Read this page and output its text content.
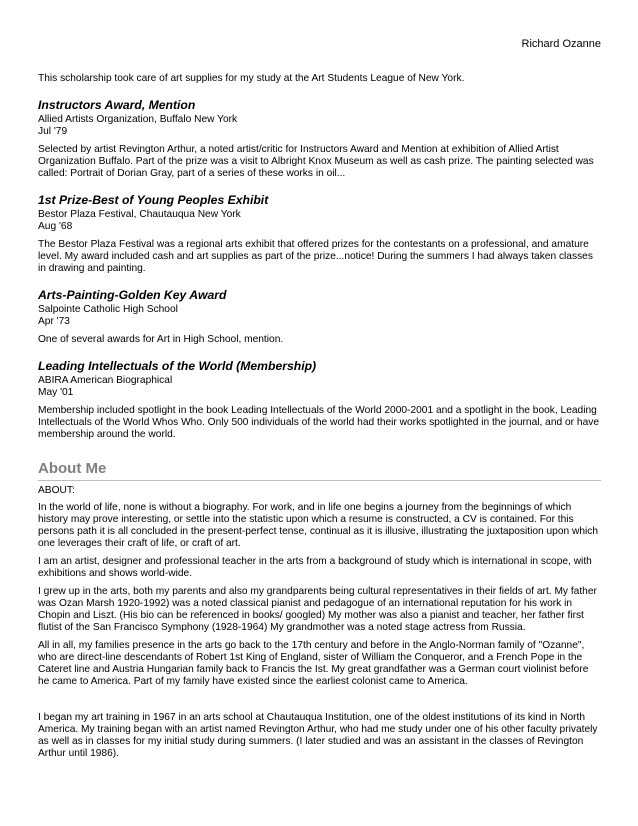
Richard Ozanne

This scholarship took care of art supplies for my study at the Art Students League of New York.

Instructors Award, Mention

Allied Artists Organization, Buffalo New York

Jul '79

Selected by artist Revington Arthur, a noted artist/critic for Instructors Award and Mention at exhibition of Allied Artist Organization Buffalo. Part of the prize was a visit to Albright Knox Museum as well as cash prize. The painting selected was called: Portrait of Dorian Gray, part of a series of these works in oil...

1st Prize-Best of Young Peoples Exhibit

Bestor Plaza Festival, Chautauqua New York

Aug '68

The Bestor Plaza Festival was a regional arts exhibit that offered prizes for the contestants on a professional, and amature level. My award included cash and art supplies as part of the prize...notice! During the summers I had always taken classes in drawing and painting.

Arts-Painting-Golden Key Award

Salpointe Catholic High School

Apr '73

One of several awards for Art in High School, mention.

Leading Intellectuals of the World (Membership)

ABIRA American Biographical

May '01

Membership included spotlight in the book Leading Intellectuals of the World 2000-2001 and a spotlight in the book, Leading Intellectuals of the World Whos Who. Only 500 individuals of the world had their works spotlighted in the journal, and or have membership around the world.

About Me

ABOUT:

In the world of life, none is without a biography. For work, and in life one begins a journey from the beginnings of which history may prove interesting, or settle into the statistic upon which a resume is constructed, a CV is contained. For this persons path it is all concluded in the present-perfect tense, continual as it is illusive, illustrating the juxtaposition upon which one leverages their craft of life, or craft of art.

I am an artist, designer and professional teacher in the arts from a background of study which is international in scope, with exhibitions and shows world-wide.

I grew up in the arts, both my parents and also my grandparents being cultural representatives in their fields of art. My father was Ozan Marsh 1920-1992) was a noted classical pianist and pedagogue of an international reputation for his work in Chopin and Liszt. (His bio can be referenced in books/ googled) My mother was also a pianist and teacher, her father first flutist of the San Francisco Symphony (1928-1964) My grandmother was a noted stage actress from Russia.

All in all, my families presence in the arts go back to the 17th century and before in the Anglo-Norman family of "Ozanne", who are direct-line descendants of Robert 1st King of England, sister of William the Conqueror, and a French Pope in the Cateret line and Austria Hungarian family back to Francis the Ist. My great grandfather was a German court violinist before he came to America. Part of my family have existed since the earliest colonist came to America.

I began my art training in 1967 in an arts school at Chautauqua Institution, one of the oldest institutions of its kind in North America. My training began with an artist named Revington Arthur, who had me study under one of his other faculty privately as well as in classes for my initial study during summers. (I later studied and was an assistant in the classes of Revington Arthur until 1986).
